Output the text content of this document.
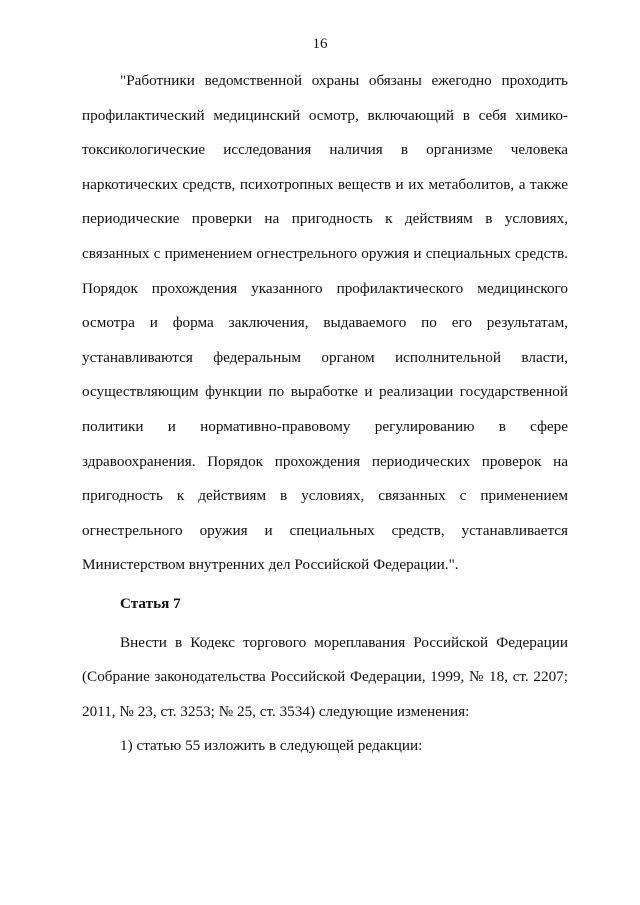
16
"Работники ведомственной охраны обязаны ежегодно проходить
профилактический медицинский осмотр, включающий в себя химико-
токсикологические исследования наличия в организме человека
наркотических средств, психотропных веществ и их метаболитов, а также
периодические проверки на пригодность к действиям в условиях,
связанных с применением огнестрельного оружия и специальных средств.
Порядок прохождения указанного профилактического медицинского
осмотра и форма заключения, выдаваемого по его результатам,
устанавливаются федеральным органом исполнительной власти,
осуществляющим функции по выработке и реализации государственной
политики и нормативно-правовому регулированию в сфере
здравоохранения. Порядок прохождения периодических проверок на
пригодность к действиям в условиях, связанных с применением
огнестрельного оружия и специальных средств, устанавливается
Министерством внутренних дел Российской Федерации.".
Статья 7
Внести в Кодекс торгового мореплавания Российской Федерации
(Собрание законодательства Российской Федерации, 1999, № 18, ст. 2207;
2011, № 23, ст. 3253; № 25, ст. 3534) следующие изменения:
1) статью 55 изложить в следующей редакции:
